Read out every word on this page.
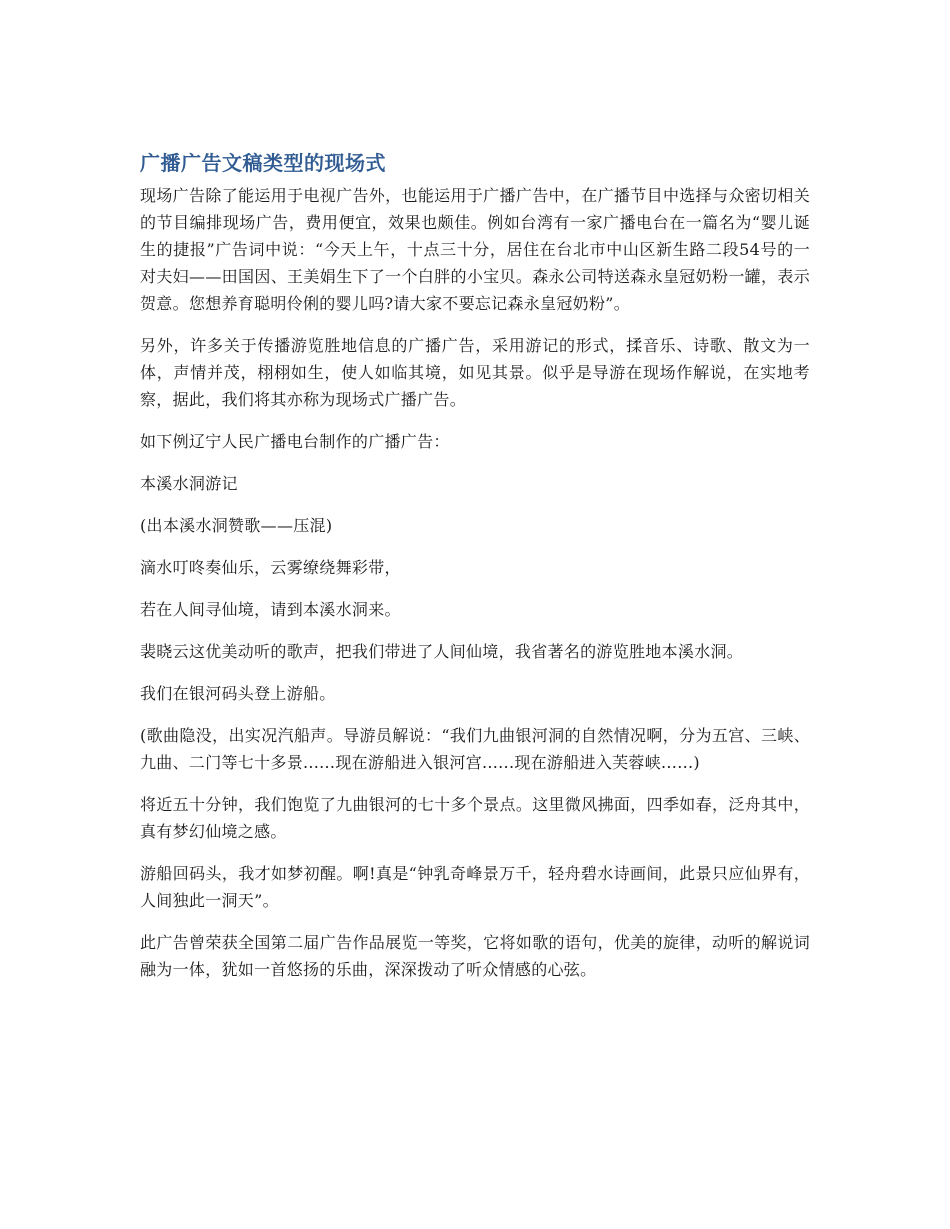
广播广告文稿类型的现场式

现场广告除了能运用于电视广告外，也能运用于广播广告中，在广播节目中选择与众密切相关的节目编排现场广告，费用便宜，效果也颇佳。例如台湾有一家广播电台在一篇名为“婴儿诞生的捷报”广告词中说：“今天上午，十点三十分，居住在台北市中山区新生路二段54号的一对夫妇——田国因、王美娟生下了一个白胖的小宝贝。森永公司特送森永皇冠奶粉一罐，表示贺意。您想养育聪明伶俐的婴儿吗?请大家不要忘记森永皇冠奶粉”。

另外，许多关于传播游览胜地信息的广播广告，采用游记的形式，揉音乐、诗歌、散文为一体，声情并茂，栩栩如生，使人如临其境，如见其景。似乎是导游在现场作解说，在实地考察，据此，我们将其亦称为现场式广播广告。

如下例辽宁人民广播电台制作的广播广告：

本溪水洞游记

(出本溪水洞赞歌——压混)

滴水叮咚奏仙乐，云雾缭绕舞彩带，

若在人间寻仙境，请到本溪水洞来。

裴晓云这优美动听的歌声，把我们带进了人间仙境，我省著名的游览胜地本溪水洞。

我们在银河码头登上游船。

(歌曲隐没，出实况汽船声。导游员解说：“我们九曲银河洞的自然情况啊，分为五宫、三峡、九曲、二门等七十多景......现在游船进入银河宫......现在游船进入芙蓉峡......)

将近五十分钟，我们饱览了九曲银河的七十多个景点。这里微风拂面，四季如春，泛舟其中，真有梦幻仙境之感。

游船回码头，我才如梦初醒。啊!真是“钟乳奇峰景万千，轻舟碧水诗画间，此景只应仙界有，人间独此一洞天”。

此广告曾荣获全国第二届广告作品展览一等奖，它将如歌的语句，优美的旋律，动听的解说词融为一体，犹如一首悠扬的乐曲，深深拨动了听众情感的心弦。
